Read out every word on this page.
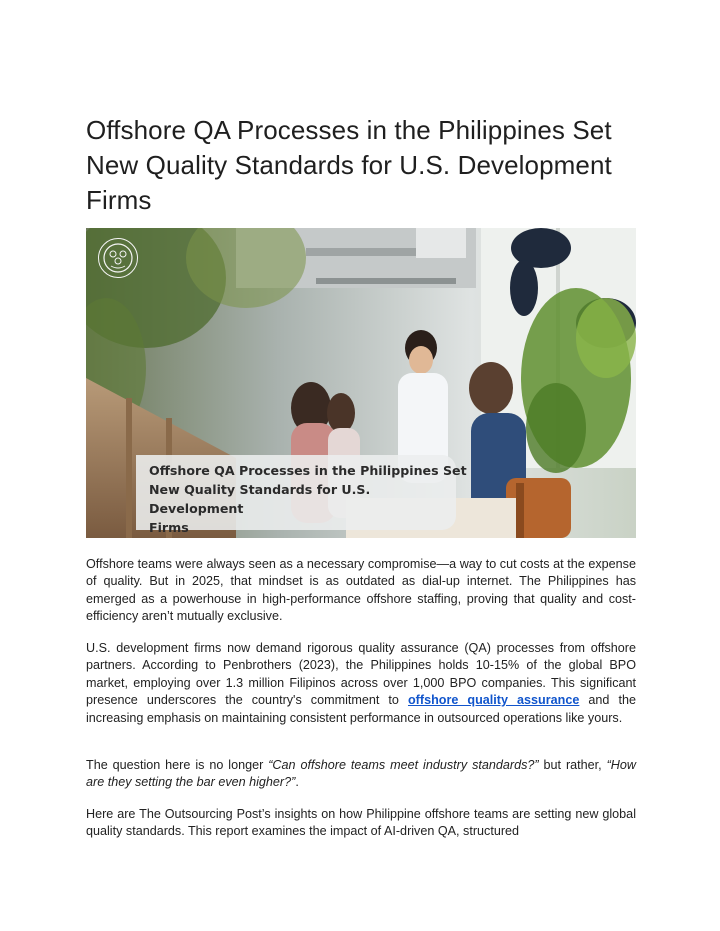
Offshore QA Processes in the Philippines Set New Quality Standards for U.S. Development Firms
Offshore QA Processes in the Philippines Set
New Quality Standards for U.S. Development
Firms

Offshore teams were always seen as a necessary compromise—a way to cut costs at the expense of quality. But in 2025, that mindset is as outdated as dial-up internet. The Philippines has emerged as a powerhouse in high-performance offshore staffing, proving that quality and cost-efficiency aren’t mutually exclusive.

U.S. development firms now demand rigorous quality assurance (QA) processes from offshore partners. According to Penbrothers (2023), the Philippines holds 10-15% of the global BPO market, employing over 1.3 million Filipinos across over 1,000 BPO companies. This significant presence underscores the country's commitment to offshore quality assurance and the increasing emphasis on maintaining consistent performance in outsourced operations like yours.

The question here is no longer “Can offshore teams meet industry standards?” but rather, “How are they setting the bar even higher?”.

Here are The Outsourcing Post’s insights on how Philippine offshore teams are setting new global quality standards. This report examines the impact of AI-driven QA, structured
